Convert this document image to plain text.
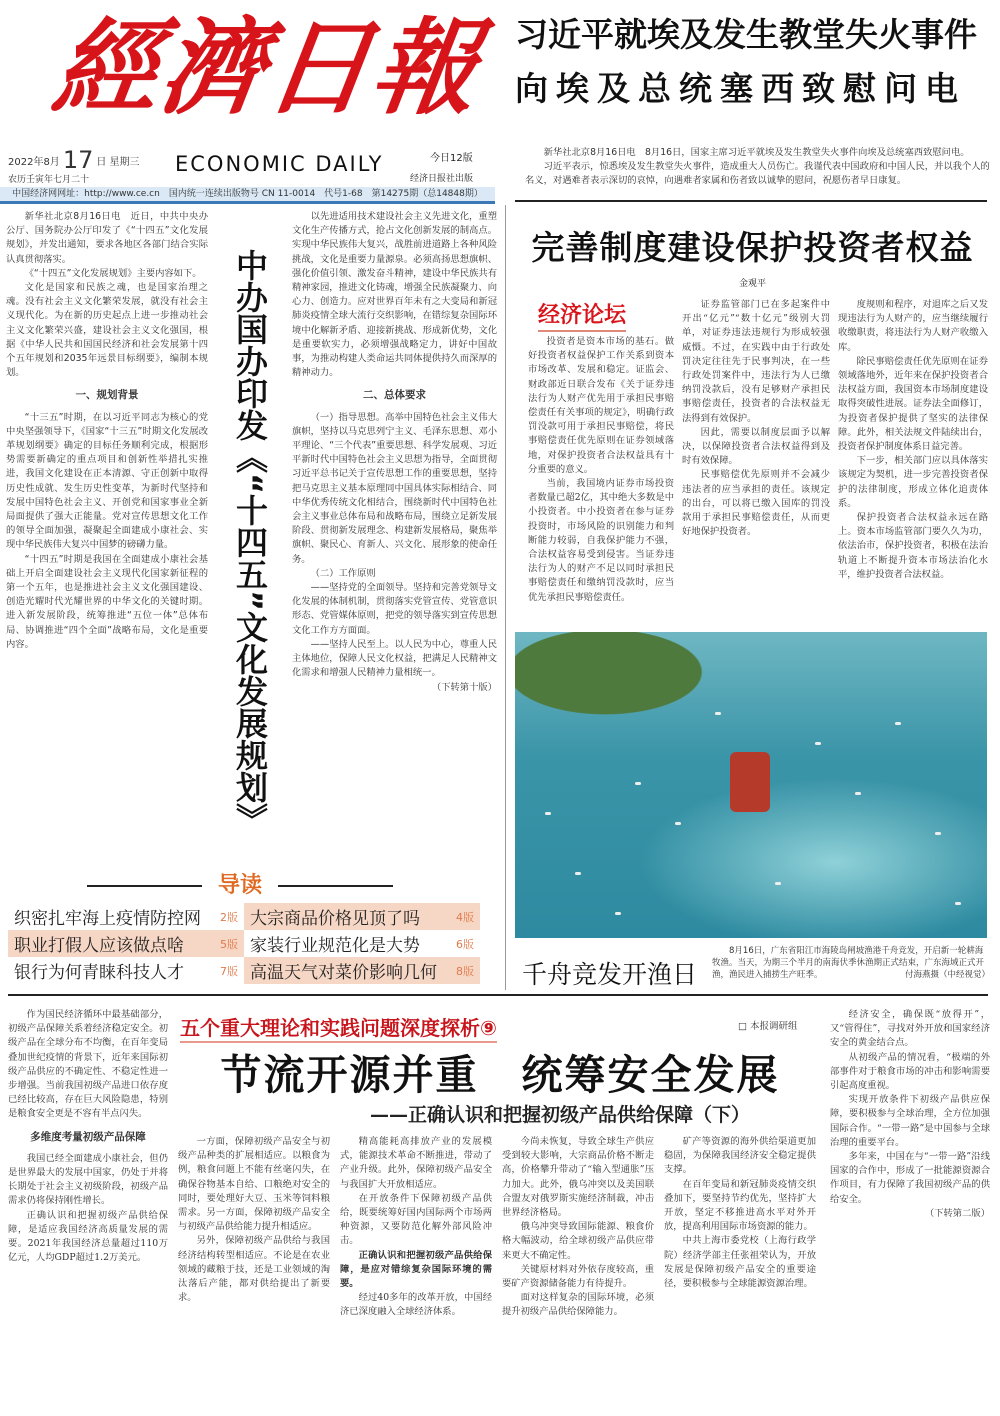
經濟日報 习近平就埃及发生教堂失火事件
向埃及总统塞西致慰问电
2022年8月 17 日 星期三
农历壬寅年七月二十
ECONOMIC DAILY	今日12版
经济日报社出版
中国经济网网址：http://www.ce.cn　国内统一连续出版物号 CN 11-0014　代号1-68　第14275期（总14848期）

新华社北京8月16日电　8月16日，国家主席习近平就埃及发生教堂失火事件向埃及总统塞西致慰问电。

习近平表示，惊悉埃及发生教堂失火事件，造成重大人员伤亡。我谨代表中国政府和中国人民，并以我个人的名义，对遇难者表示深切的哀悼，向遇难者家属和伤者致以诚挚的慰问，祝愿伤者早日康复。

新华社北京8月16日电　近日，中共中央办公厅、国务院办公厅印发了《“十四五”文化发展规划》，并发出通知，要求各地区各部门结合实际认真贯彻落实。

《“十四五”文化发展规划》主要内容如下。

文化是国家和民族之魂，也是国家治理之魂。没有社会主义文化繁荣发展，就没有社会主义现代化。为在新的历史起点上进一步推动社会主义文化繁荣兴盛，建设社会主义文化强国，根据《中华人民共和国国民经济和社会发展第十四个五年规划和2035年远景目标纲要》，编制本规划。

一、规划背景

“十三五”时期，在以习近平同志为核心的党中央坚强领导下，《国家“十三五”时期文化发展改革规划纲要》确定的目标任务顺利完成，根据形势需要新确定的重点项目和创新性举措扎实推进，我国文化建设在正本清源、守正创新中取得历史性成就、发生历史性变革，为新时代坚持和发展中国特色社会主义、开创党和国家事业全新局面提供了强大正能量。党对宣传思想文化工作的领导全面加强，凝聚起全面建成小康社会、实现中华民族伟大复兴中国梦的磅礴力量。

“十四五”时期是我国在全面建成小康社会基础上开启全面建设社会主义现代化国家新征程的第一个五年，也是推进社会主义文化强国建设、创造光耀时代光耀世界的中华文化的关键时期。进入新发展阶段，统筹推进“五位一体”总体布局、协调推进“四个全面”战略布局，文化是重要内容。	中办国办印发《“十四五”文化发展规划》

以先进适用技术建设社会主义先进文化，重塑文化生产传播方式，抢占文化创新发展的制高点。实现中华民族伟大复兴，战胜前进道路上各种风险挑战，文化是重要力量源泉。必须高扬思想旗帜、强化价值引领、激发奋斗精神，建设中华民族共有精神家园，推进文化铸魂，增强全民族凝聚力、向心力、创造力。应对世界百年未有之大变局和新冠肺炎疫情全球大流行交织影响，在错综复杂国际环境中化解新矛盾、迎接新挑战、形成新优势，文化是重要软实力，必须增强战略定力，讲好中国故事，为推动构建人类命运共同体提供持久而深厚的精神动力。

二、总体要求

（一）指导思想。高举中国特色社会主义伟大旗帜，坚持以马克思列宁主义、毛泽东思想、邓小平理论、“三个代表”重要思想、科学发展观、习近平新时代中国特色社会主义思想为指导，全面贯彻习近平总书记关于宣传思想工作的重要思想，坚持把马克思主义基本原理同中国具体实际相结合、同中华优秀传统文化相结合，围绕新时代中国特色社会主义事业总体布局和战略布局，围绕立足新发展阶段、贯彻新发展理念、构建新发展格局，聚焦举旗帜、聚民心、育新人、兴文化、展形象的使命任务。

（二）工作原则

——坚持党的全面领导。坚持和完善党领导文化发展的体制机制，贯彻落实党管宣传、党管意识形态、党管媒体原则，把党的领导落实到宣传思想文化工作方方面面。

——坚持人民至上。以人民为中心，尊重人民主体地位，保障人民文化权益，把满足人民精神文化需求和增强人民精神力量相统一。

（下转第十版）
导读
织密扎牢海上疫情防控网 2版 大宗商品价格见顶了吗	4版
职业打假人应该做点啥	5版 家装行业规范化是大势	6版
银行为何青睐科技人才	7版 高温天气对菜价影响几何 8版
完善制度建设保护投资者权益
金观平
经济论坛

投资者是资本市场的基石。做好投资者权益保护工作关系到资本市场改革、发展和稳定。证监会、财政部近日联合发布《关于证券违法行为人财产优先用于承担民事赔偿责任有关事项的规定》，明确行政罚没款可用于承担民事赔偿，将民事赔偿责任优先原则在证券领域落地，对保护投资者合法权益具有十分重要的意义。

当前，我国境内证券市场投资者数量已超2亿，其中绝大多数是中小投资者。中小投资者在参与证券投资时，市场风险的识别能力和判断能力较弱，自我保护能力不强，合法权益容易受到侵害。当证券违法行为人的财产不足以同时承担民事赔偿责任和缴纳罚没款时，应当优先承担民事赔偿责任。

证券监管部门已在多起案件中开出“亿元”“数十亿元”级别大罚单，对证券违法违规行为形成较强威慑。不过，在实践中由于行政处罚决定往往先于民事判决，在一些行政处罚案件中，违法行为人已缴纳罚没款后，没有足够财产承担民事赔偿责任，投资者的合法权益无法得到有效保护。

因此，需要以制度层面予以解决，以保障投资者合法权益得到及时有效保障。

民事赔偿优先原则并不会减少违法者的应当承担的责任。该规定的出台，可以将已缴入国库的罚没款用于承担民事赔偿责任，从而更好地保护投资者。

度规则和程序，对退库之后又发现违法行为人财产的，应当继续履行收缴职责，将违法行为人财产收缴入库。

除民事赔偿责任优先原则在证券领域落地外，近年来在保护投资者合法权益方面，我国资本市场制度建设取得突破性进展。证券法全面修订，为投资者保护提供了坚实的法律保障。此外，相关法规文件陆续出台，投资者保护制度体系日益完善。

下一步，相关部门应以具体落实该规定为契机，进一步完善投资者保护的法律制度，形成立体化追责体系。

保护投资者合法权益永远在路上。资本市场监管部门要久久为功，依法治市，保护投资者，积极在法治轨道上不断提升资本市场法治化水平，维护投资者合法权益。

千舟竞发开渔日
8月16日，广东省阳江市海陵岛闸坡渔港千舟竞发，开启新一轮耕海牧渔。当天，为期三个半月的南海伏季休渔期正式结束，广东海域正式开渔，渔民进入捕捞生产旺季。	付海燕摄（中经视觉）
五个重大理论和实践问题深度探析⑨	□ 本报调研组
节流开源并重　统筹安全发展
——正确认识和把握初级产品供给保障（下）

作为国民经济循环中最基础部分，初级产品保障关系着经济稳定安全。初级产品在全球分布不均衡，在百年变局叠加世纪疫情的背景下，近年来国际初级产品供应的不确定性、不稳定性进一步增强。当前我国初级产品进口依存度已经比较高，存在巨大风险隐患，特别是粮食安全更是不容有半点闪失。

多维度考量初级产品保障

我国已经全面建成小康社会，但仍是世界最大的发展中国家，仍处于并将长期处于社会主义初级阶段，初级产品需求仍将保持刚性增长。

正确认识和把握初级产品供给保障，是适应我国经济高质量发展的需要。2021年我国经济总量超过110万亿元，人均GDP超过1.2万美元。

一方面，保障初级产品安全与初级产品种类的扩展相适应。以粮食为例，粮食问题上不能有丝毫闪失，在确保谷物基本自给、口粮绝对安全的同时，要处理好大豆、玉米等饲料粮需求。另一方面，保障初级产品安全与初级产品供给能力提升相适应。

另外，保障初级产品供给与我国经济结构转型相适应。不论是在农业领域的藏粮于技，还是工业领域的淘汰落后产能，都对供给提出了新要求。

精高能耗高排放产业的发展模式，能源技术革命不断推进，带动了产业升级。此外，保障初级产品安全与我国扩大开放相适应。

在开放条件下保障初级产品供给，既要统筹好国内国际两个市场两种资源，又要防范化解外部风险冲击。

正确认识和把握初级产品供给保障，是应对错综复杂国际环境的需要。

经过40多年的改革开放，中国经济已深度融入全球经济体系。

今尚未恢复，导致全球生产供应受到较大影响，大宗商品价格不断走高，价格攀升带动了“输入型通胀”压力加大。此外，俄乌冲突以及美国联合盟友对俄罗斯实施经济制裁，冲击世界经济格局。

俄乌冲突导致国际能源、粮食价格大幅波动，给全球初级产品供应带来更大不确定性。

关键原材料对外依存度较高，重要矿产资源储备能力有待提升。

面对这样复杂的国际环境，必须提升初级产品供给保障能力。

矿产等资源的海外供给渠道更加稳固，为保障我国经济安全稳定提供支撑。

在百年变局和新冠肺炎疫情交织叠加下，要坚持节约优先，坚持扩大开放，坚定不移推进高水平对外开放，提高利用国际市场资源的能力。

中共上海市委党校（上海行政学院）经济学部主任张祖荣认为，开放发展是保障初级产品安全的重要途径，要积极参与全球能源资源治理。

经济安全，确保既“放得开”，又“管得住”，寻找对外开放和国家经济安全的黄金结合点。

从初级产品的情况看，“极端的外部事件对于粮食市场的冲击和影响需要引起高度重视。

实现开放条件下初级产品供应保障，要积极参与全球治理，全方位加强国际合作。“一带一路”是中国参与全球治理的重要平台。

多年来，中国在与“一带一路”沿线国家的合作中，形成了一批能源资源合作项目，有力保障了我国初级产品的供给安全。

（下转第二版）
